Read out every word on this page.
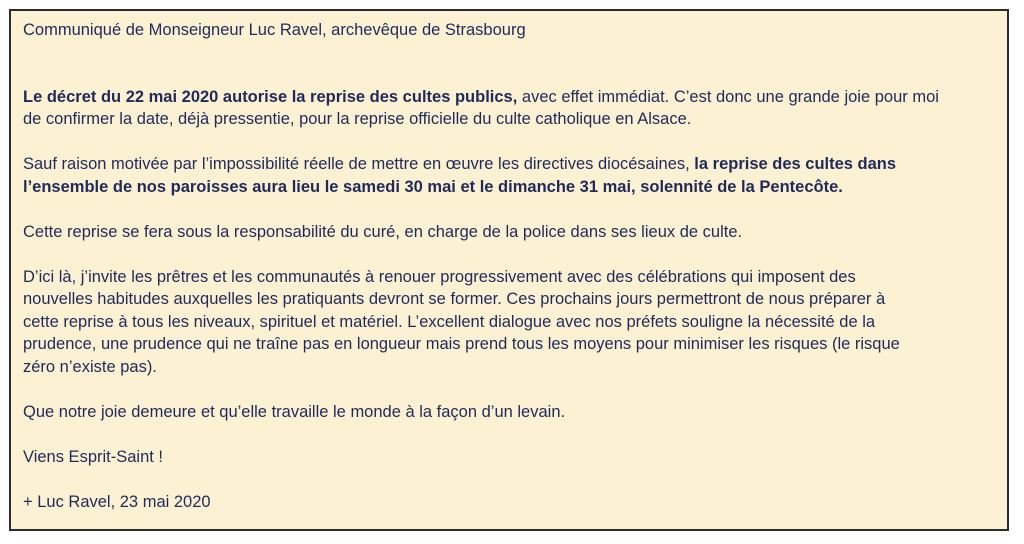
Communiqué de Monseigneur Luc Ravel, archevêque de Strasbourg

Le décret du 22 mai 2020 autorise la reprise des cultes publics, avec effet immédiat. C’est donc une grande joie pour moi

de confirmer la date, déjà pressentie, pour la reprise officielle du culte catholique en Alsace.

Sauf raison motivée par l’impossibilité réelle de mettre en œuvre les directives diocésaines, la reprise des cultes dans

l’ensemble de nos paroisses aura lieu le samedi 30 mai et le dimanche 31 mai, solennité de la Pentecôte.

Cette reprise se fera sous la responsabilité du curé, en charge de la police dans ses lieux de culte.

D’ici là, j’invite les prêtres et les communautés à renouer progressivement avec des célébrations qui imposent des

nouvelles habitudes auxquelles les pratiquants devront se former. Ces prochains jours permettront de nous préparer à

cette reprise à tous les niveaux, spirituel et matériel. L’excellent dialogue avec nos préfets souligne la nécessité de la

prudence, une prudence qui ne traîne pas en longueur mais prend tous les moyens pour minimiser les risques (le risque

zéro n’existe pas).

Que notre joie demeure et qu’elle travaille le monde à la façon d’un levain.

Viens Esprit-Saint !

+ Luc Ravel, 23 mai 2020
